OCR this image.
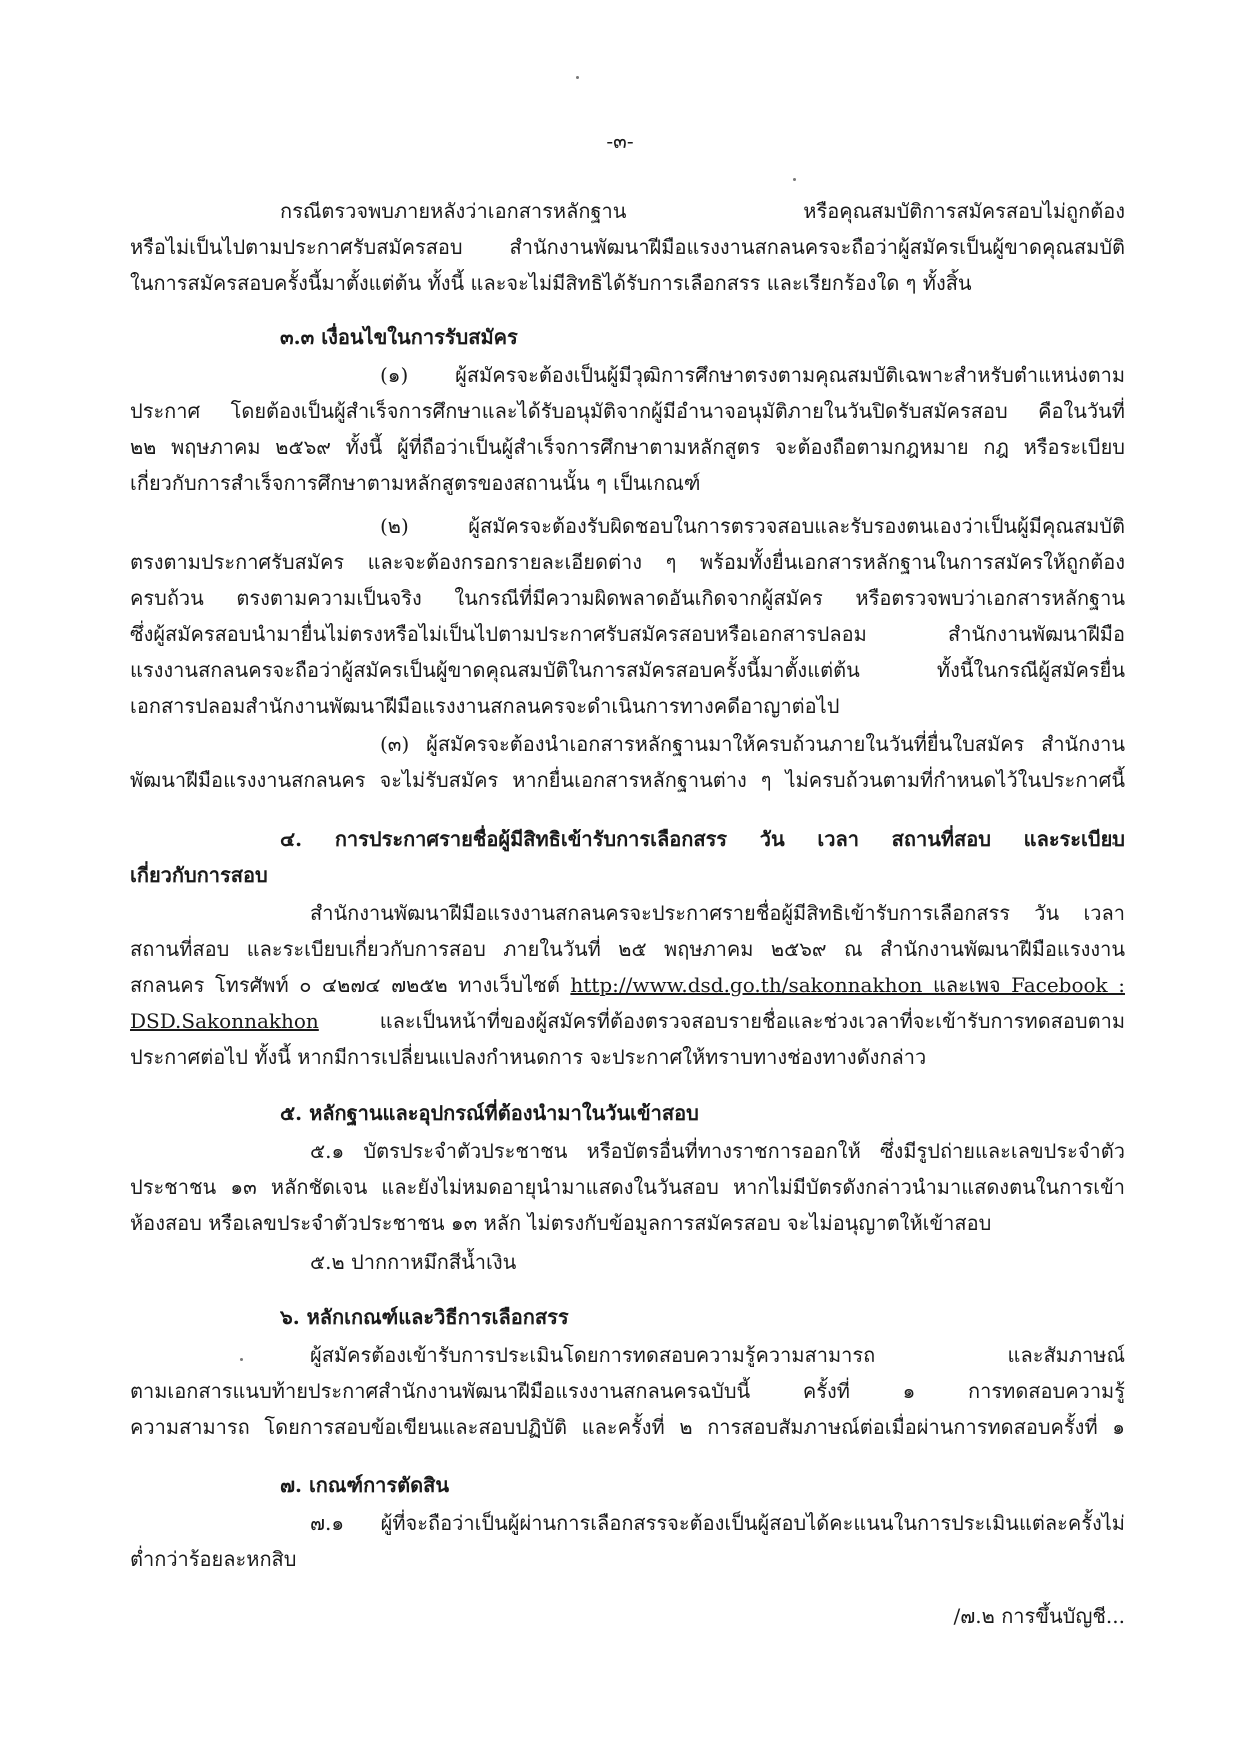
-๓-
กรณีตรวจพบภายหลังว่าเอกสารหลักฐาน หรือคุณสมบัติการสมัครสอบไม่ถูกต้อง
หรือไม่เป็นไปตามประกาศรับสมัครสอบ สำนักงานพัฒนาฝีมือแรงงานสกลนครจะถือว่าผู้สมัครเป็นผู้ขาดคุณสมบัติ
ในการสมัครสอบครั้งนี้มาตั้งแต่ต้น ทั้งนี้ และจะไม่มีสิทธิได้รับการเลือกสรร และเรียกร้องใด ๆ ทั้งสิ้น
๓.๓ เงื่อนไขในการรับสมัคร
(๑) ผู้สมัครจะต้องเป็นผู้มีวุฒิการศึกษาตรงตามคุณสมบัติเฉพาะสำหรับตำแหน่งตาม
ประกาศ โดยต้องเป็นผู้สำเร็จการศึกษาและได้รับอนุมัติจากผู้มีอำนาจอนุมัติภายในวันปิดรับสมัครสอบ คือในวันที่
๒๒ พฤษภาคม ๒๕๖๙ ทั้งนี้ ผู้ที่ถือว่าเป็นผู้สำเร็จการศึกษาตามหลักสูตร จะต้องถือตามกฎหมาย กฎ หรือระเบียบ
เกี่ยวกับการสำเร็จการศึกษาตามหลักสูตรของสถานนั้น ๆ เป็นเกณฑ์
(๒) ผู้สมัครจะต้องรับผิดชอบในการตรวจสอบและรับรองตนเองว่าเป็นผู้มีคุณสมบัติ
ตรงตามประกาศรับสมัคร และจะต้องกรอกรายละเอียดต่าง ๆ พร้อมทั้งยื่นเอกสารหลักฐานในการสมัครให้ถูกต้อง
ครบถ้วน ตรงตามความเป็นจริง ในกรณีที่มีความผิดพลาดอันเกิดจากผู้สมัคร หรือตรวจพบว่าเอกสารหลักฐาน
ซึ่งผู้สมัครสอบนำมายื่นไม่ตรงหรือไม่เป็นไปตามประกาศรับสมัครสอบหรือเอกสารปลอม สำนักงานพัฒนาฝีมือ
แรงงานสกลนครจะถือว่าผู้สมัครเป็นผู้ขาดคุณสมบัติในการสมัครสอบครั้งนี้มาตั้งแต่ต้น ทั้งนี้ในกรณีผู้สมัครยื่น
เอกสารปลอมสำนักงานพัฒนาฝีมือแรงงานสกลนครจะดำเนินการทางคดีอาญาต่อไป
(๓) ผู้สมัครจะต้องนำเอกสารหลักฐานมาให้ครบถ้วนภายในวันที่ยื่นใบสมัคร สำนักงาน
พัฒนาฝีมือแรงงานสกลนคร จะไม่รับสมัคร หากยื่นเอกสารหลักฐานต่าง ๆ ไม่ครบถ้วนตามที่กำหนดไว้ในประกาศนี้
๔. การประกาศรายชื่อผู้มีสิทธิเข้ารับการเลือกสรร วัน เวลา สถานที่สอบ และระเบียบ
เกี่ยวกับการสอบ
สำนักงานพัฒนาฝีมือแรงงานสกลนครจะประกาศรายชื่อผู้มีสิทธิเข้ารับการเลือกสรร วัน เวลา
สถานที่สอบ และระเบียบเกี่ยวกับการสอบ ภายในวันที่ ๒๕ พฤษภาคม ๒๕๖๙ ณ สำนักงานพัฒนาฝีมือแรงงาน
สกลนคร โทรศัพท์ ๐ ๔๒๗๔ ๗๒๕๒ ทางเว็บไซต์ http://www.dsd.go.th/sakonnakhon และเพจ Facebook :
DSD.Sakonnakhon และเป็นหน้าที่ของผู้สมัครที่ต้องตรวจสอบรายชื่อและช่วงเวลาที่จะเข้ารับการทดสอบตาม
ประกาศต่อไป ทั้งนี้ หากมีการเปลี่ยนแปลงกำหนดการ จะประกาศให้ทราบทางช่องทางดังกล่าว
๕. หลักฐานและอุปกรณ์ที่ต้องนำมาในวันเข้าสอบ
๕.๑ บัตรประจำตัวประชาชน หรือบัตรอื่นที่ทางราชการออกให้ ซึ่งมีรูปถ่ายและเลขประจำตัว
ประชาชน ๑๓ หลักชัดเจน และยังไม่หมดอายุนำมาแสดงในวันสอบ หากไม่มีบัตรดังกล่าวนำมาแสดงตนในการเข้า
ห้องสอบ หรือเลขประจำตัวประชาชน ๑๓ หลัก ไม่ตรงกับข้อมูลการสมัครสอบ จะไม่อนุญาตให้เข้าสอบ
๕.๒ ปากกาหมึกสีน้ำเงิน
๖. หลักเกณฑ์และวิธีการเลือกสรร
ผู้สมัครต้องเข้ารับการประเมินโดยการทดสอบความรู้ความสามารถ และสัมภาษณ์
ตามเอกสารแนบท้ายประกาศสำนักงานพัฒนาฝีมือแรงงานสกลนครฉบับนี้ ครั้งที่ ๑ การทดสอบความรู้
ความสามารถ โดยการสอบข้อเขียนและสอบปฏิบัติ และครั้งที่ ๒ การสอบสัมภาษณ์ต่อเมื่อผ่านการทดสอบครั้งที่ ๑
๗. เกณฑ์การตัดสิน
๗.๑ ผู้ที่จะถือว่าเป็นผู้ผ่านการเลือกสรรจะต้องเป็นผู้สอบได้คะแนนในการประเมินแต่ละครั้งไม่
ต่ำกว่าร้อยละหกสิบ
/๗.๒ การขึ้นบัญชี...
